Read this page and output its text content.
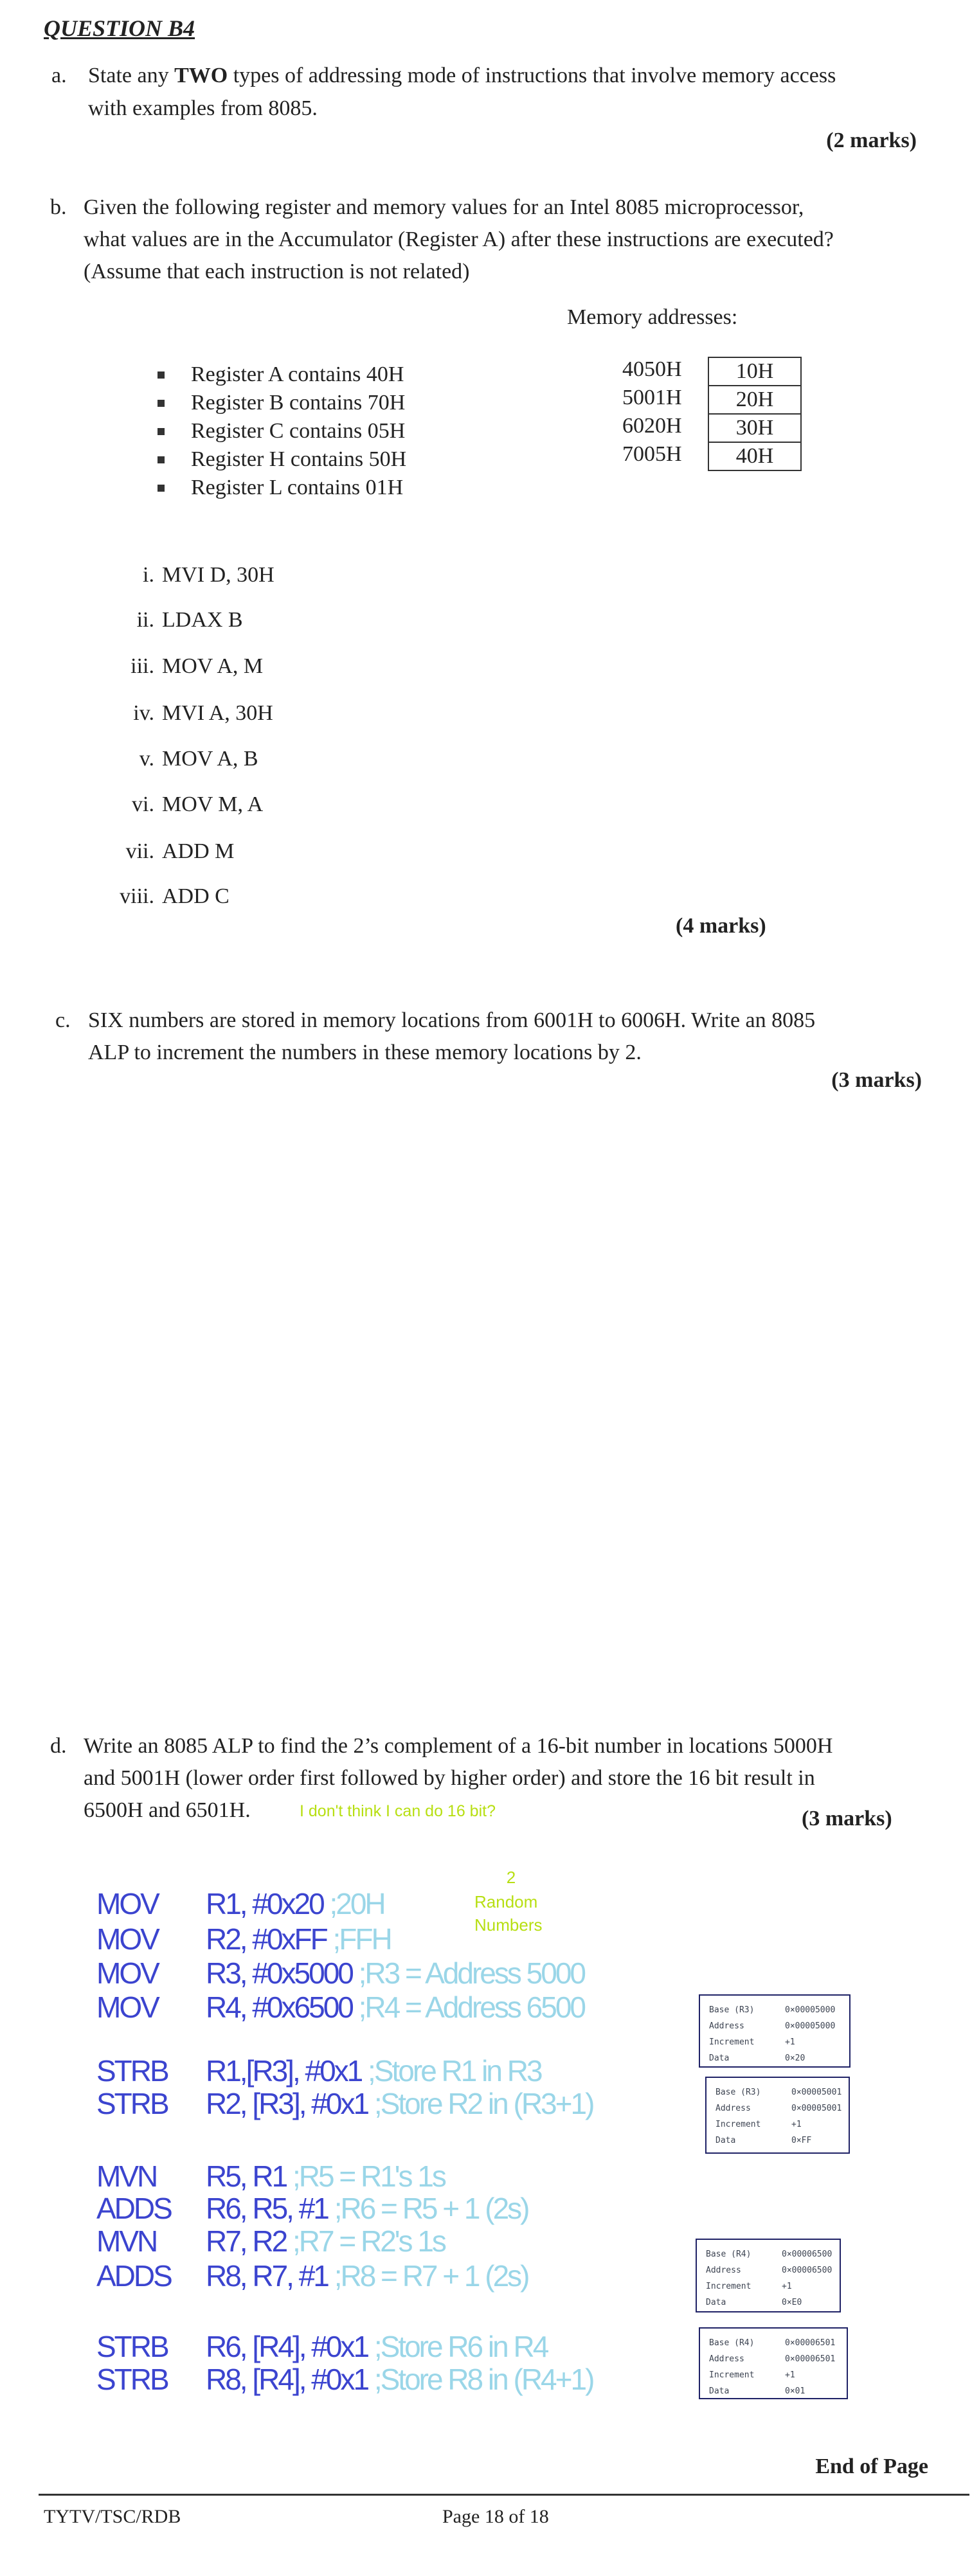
QUESTION B4
a. State any TWO types of addressing mode of instructions that involve memory access
with examples from 8085.
(2 marks)
b. Given the following register and memory values for an Intel 8085 microprocessor,
what values are in the Accumulator (Register A) after these instructions are executed?
(Assume that each instruction is not related)
Memory addresses:
Register A contains 40H
Register B contains 70H
Register C contains 05H
Register H contains 50H
Register L contains 01H
4050H	10H
5001H	20H
6020H	30H
7005H	40H
i. MVI D, 30H
ii. LDAX B
iii. MOV A, M
iv. MVI A, 30H
v. MOV A, B
vi. MOV M, A
vii. ADD M
viii. ADD C
(4 marks)
c. SIX numbers are stored in memory locations from 6001H to 6006H. Write an 8085
ALP to increment the numbers in these memory locations by 2.
(3 marks)
d. Write an 8085 ALP to find the 2’s complement of a 16-bit number in locations 5000H
and 5001H (lower order first followed by higher order) and store the 16 bit result in
6500H and 6501H.	I don't think I can do 16 bit?	(3 marks)
2
Random
Numbers
MOV R1, #0x20 ;20H
MOV R2, #0xFF ;FFH
MOV R3, #0x5000 ;R3 = Address 5000
MOV R4, #0x6500 ;R4 = Address 6500
STRB R1,[R3], #0x1 ;Store R1 in R3
STRB R2, [R3], #0x1 ;Store R2 in (R3+1)
MVN R5, R1 ;R5 = R1's 1s
ADDS R6, R5, #1 ;R6 = R5 + 1 (2s)
MVN R7, R2 ;R7 = R2's 1s
ADDS R8, R7, #1 ;R8 = R7 + 1 (2s)
STRB R6, [R4], #0x1 ;Store R6 in R4
STRB R8, [R4], #0x1 ;Store R8 in (R4+1)
Base (R3)	0×00005000
Address	0×00005000
Increment	+1
Data	0×20
Base (R3)	0×00005001
Address	0×00005001
Increment	+1
Data	0×FF
Base (R4)	0×00006500
Address	0×00006500
Increment	+1
Data	0×E0
Base (R4)	0×00006501
Address	0×00006501
Increment	+1
Data	0×01
End of Page
TYTV/TSC/RDB	Page 18 of 18
